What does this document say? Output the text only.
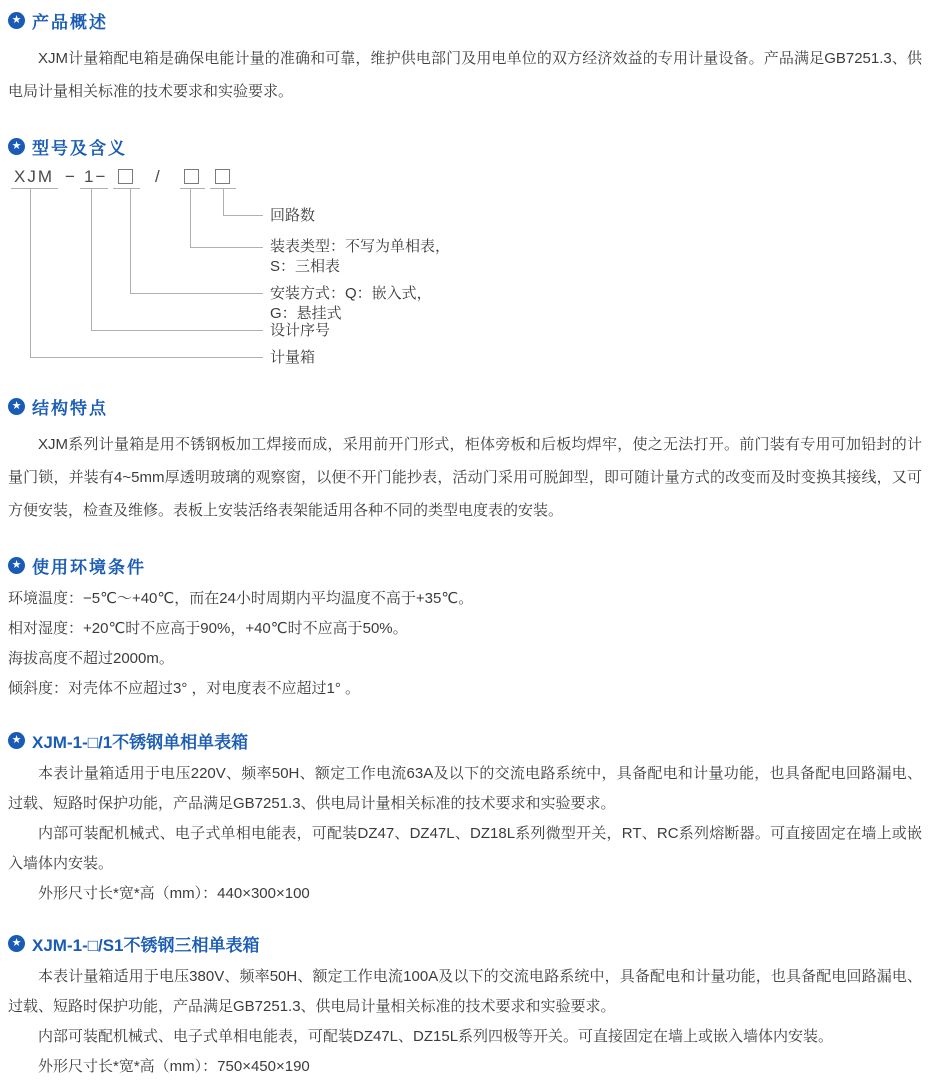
★ 产品概述

XJM计量箱配电箱是确保电能计量的准确和可靠，维护供电部门及用电单位的双方经济效益的专用计量设备。产品满足GB7251.3、供电局计量相关标准的技术要求和实验要求。

★ 型号及含义
XJM − 1−	/
回路数
装表类型：不写为单相表，
S：三相表
安装方式：Q：嵌入式，
G：悬挂式
设计序号
计量箱
★ 结构特点

XJM系列计量箱是用不锈钢板加工焊接而成，采用前开门形式，柜体旁板和后板均焊牢，使之无法打开。前门装有专用可加铅封的计量门锁，并装有4~5mm厚透明玻璃的观察窗，以便不开门能抄表，活动门采用可脱卸型，即可随计量方式的改变而及时变换其接线，又可方便安装，检查及维修。表板上安装活络表架能适用各种不同的类型电度表的安装。

★ 使用环境条件
环境温度：−5℃～+40℃，而在24小时周期内平均温度不高于+35℃。
相对湿度：+20℃时不应高于90%，+40℃时不应高于50%。
海拔高度不超过2000m。
倾斜度：对壳体不应超过3° ，对电度表不应超过1° 。
★ XJM-1-□/1不锈钢单相单表箱

本表计量箱适用于电压220V、频率50H、额定工作电流63A及以下的交流电路系统中，具备配电和计量功能，也具备配电回路漏电、过载、短路时保护功能，产品满足GB7251.3、供电局计量相关标准的技术要求和实验要求。

内部可装配机械式、电子式单相电能表，可配装DZ47、DZ47L、DZ18L系列微型开关，RT、RC系列熔断器。可直接固定在墙上或嵌入墙体内安装。

外形尺寸长*宽*高（mm）：440×300×100

★ XJM-1-□/S1不锈钢三相单表箱

本表计量箱适用于电压380V、频率50H、额定工作电流100A及以下的交流电路系统中，具备配电和计量功能，也具备配电回路漏电、过载、短路时保护功能，产品满足GB7251.3、供电局计量相关标准的技术要求和实验要求。

内部可装配机械式、电子式单相电能表，可配装DZ47L、DZ15L系列四极等开关。可直接固定在墙上或嵌入墙体内安装。

外形尺寸长*宽*高（mm）：750×450×190
